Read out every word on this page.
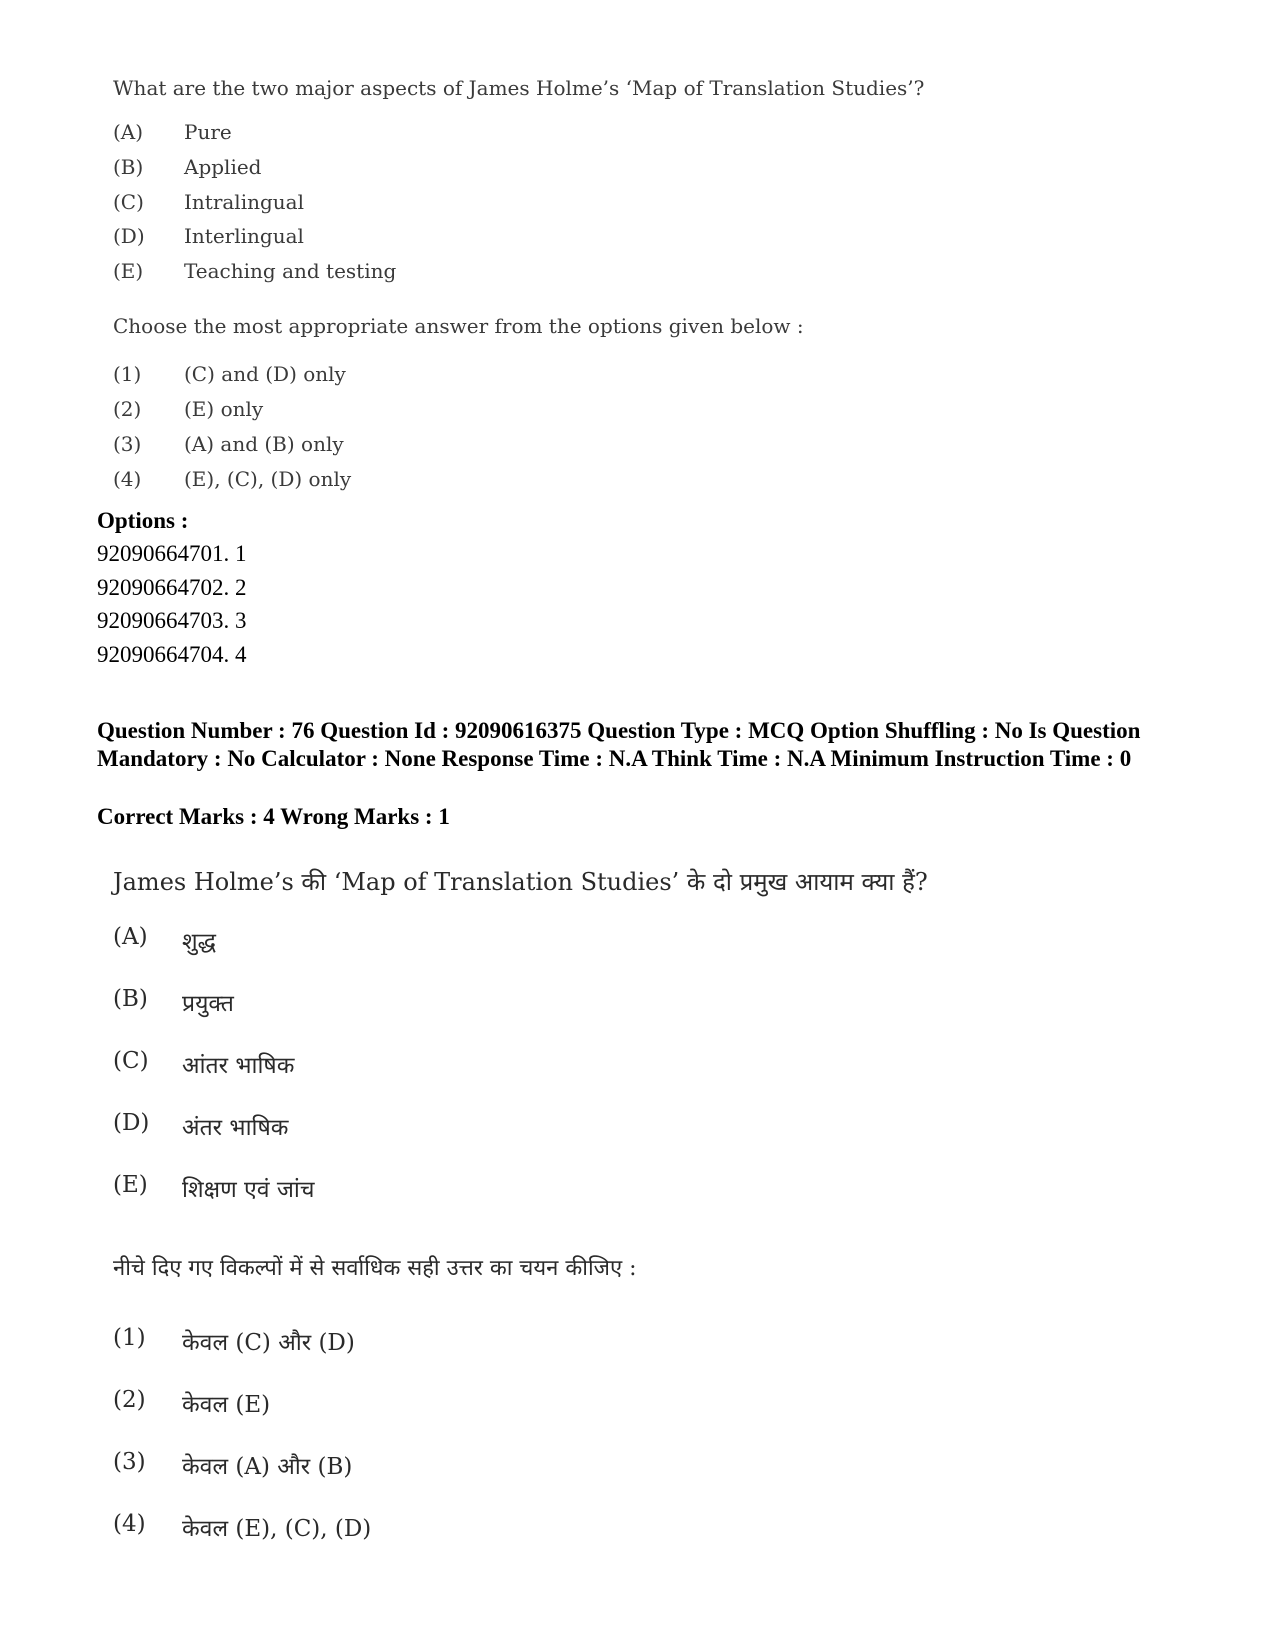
What are the two major aspects of James Holme’s ‘Map of Translation Studies’?
(A)	Pure
(B)	Applied
(C)	Intralingual
(D)	Interlingual
(E)	Teaching and testing
Choose the most appropriate answer from the options given below :
(1)	(C) and (D) only
(2)	(E) only
(3)	(A) and (B) only
(4)	(E), (C), (D) only
Options :
92090664701. 1
92090664702. 2
92090664703. 3
92090664704. 4
Question Number : 76 Question Id : 92090616375 Question Type : MCQ Option Shuffling : No Is Question Mandatory : No Calculator : None Response Time : N.A Think Time : N.A Minimum Instruction Time : 0
Correct Marks : 4 Wrong Marks : 1
James Holme’s की ‘Map of Translation Studies’ के दो प्रमुख आयाम क्या हैं?
(A)	शुद्ध
(B)	प्रयुक्त
(C)	आंतर भाषिक
(D)	अंतर भाषिक
(E)	शिक्षण एवं जांच
नीचे दिए गए विकल्पों में से सर्वाधिक सही उत्तर का चयन कीजिए :
(1)	केवल (C) और (D)
(2)	केवल (E)
(3)	केवल (A) और (B)
(4)	केवल (E), (C), (D)
